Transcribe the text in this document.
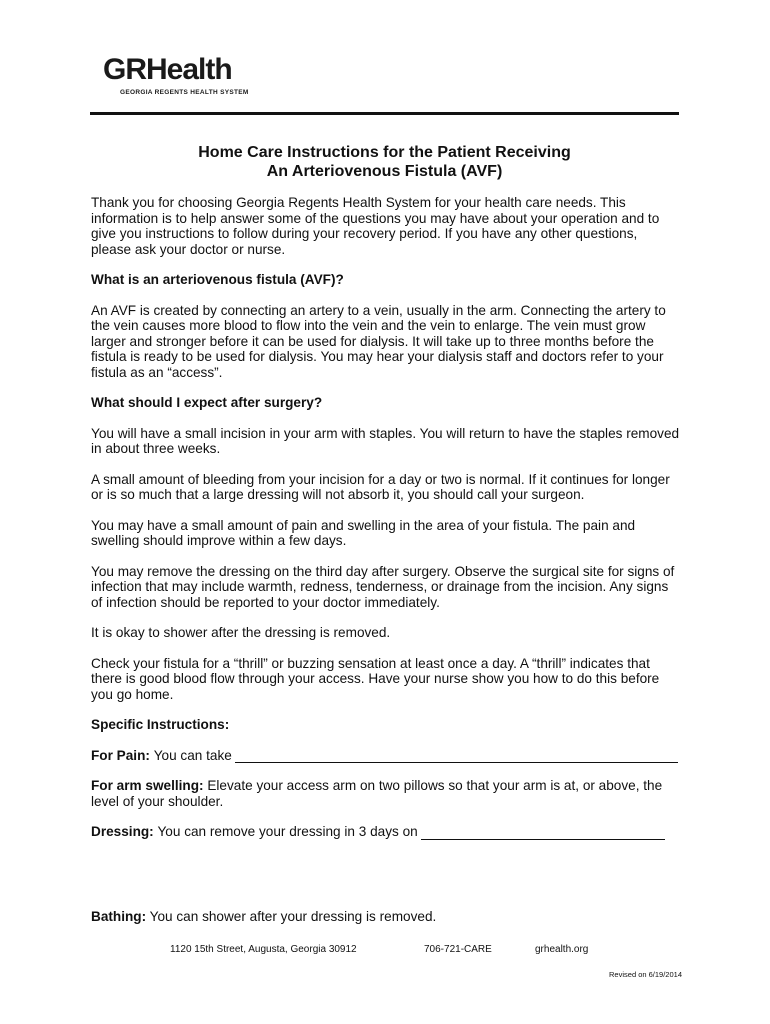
GRHealth
GEORGIA REGENTS HEALTH SYSTEM
Home Care Instructions for the Patient Receiving
An Arteriovenous Fistula (AVF)

Thank you for choosing Georgia Regents Health System for your health care needs. This information is to help answer some of the questions you may have about your operation and to give you instructions to follow during your recovery period. If you have any other questions, please ask your doctor or nurse.

What is an arteriovenous fistula (AVF)?

An AVF is created by connecting an artery to a vein, usually in the arm. Connecting the artery to the vein causes more blood to flow into the vein and the vein to enlarge. The vein must grow larger and stronger before it can be used for dialysis. It will take up to three months before the fistula is ready to be used for dialysis. You may hear your dialysis staff and doctors refer to your fistula as an “access”.

What should I expect after surgery?

You will have a small incision in your arm with staples. You will return to have the staples removed in about three weeks.

A small amount of bleeding from your incision for a day or two is normal. If it continues for longer or is so much that a large dressing will not absorb it, you should call your surgeon.

You may have a small amount of pain and swelling in the area of your fistula. The pain and swelling should improve within a few days.

You may remove the dressing on the third day after surgery. Observe the surgical site for signs of infection that may include warmth, redness, tenderness, or drainage from the incision. Any signs of infection should be reported to your doctor immediately.

It is okay to shower after the dressing is removed.

Check your fistula for a “thrill” or buzzing sensation at least once a day. A “thrill” indicates that there is good blood flow through your access. Have your nurse show you how to do this before you go home.

Specific Instructions:
For Pain:
You can take

For arm swelling: Elevate your access arm on two pillows so that your arm is at, or above, the level of your shoulder.

Dressing:
You can remove your dressing in 3 days on
Bathing: You can shower after your dressing is removed.
1120 15th Street, Augusta, Georgia 30912	706-721-CARE	grhealth.org
Revised on 6/19/2014
